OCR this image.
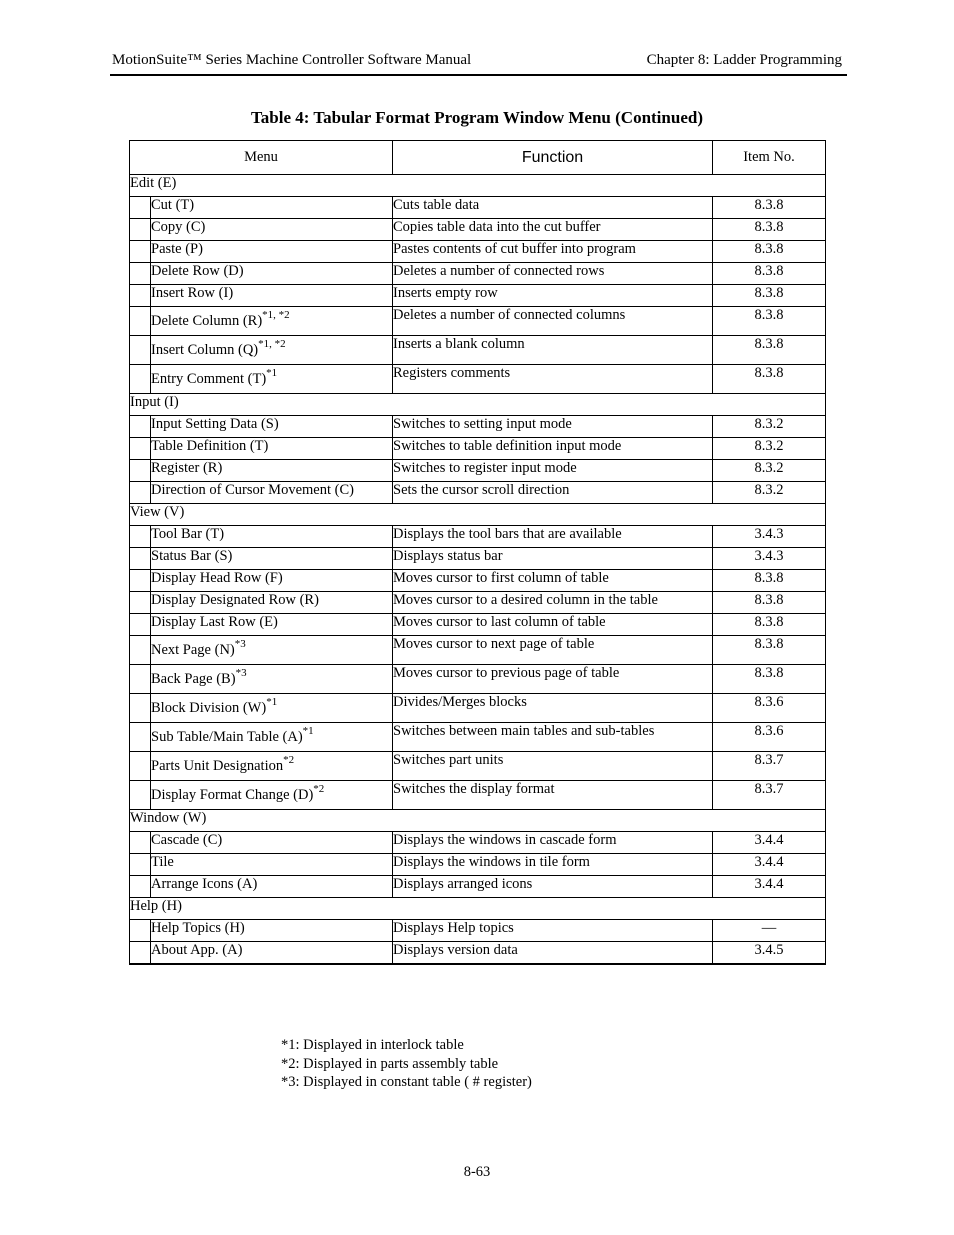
MotionSuite™ Series Machine Controller Software Manual	Chapter 8: Ladder Programming
Table 4: Tabular Format Program Window Menu (Continued)
Menu		Function	Item No.
Edit (E)			
	Cut (T)	Cuts table data	8.3.8
	Copy (C)	Copies table data into the cut buffer	8.3.8
	Paste (P)	Pastes contents of cut buffer into program	8.3.8
	Delete Row (D)	Deletes a number of connected rows	8.3.8
	Insert Row (I)	Inserts empty row	8.3.8
	Delete Column $(R)^{*1, *2}$	Deletes a number of connected columns	8.3.8
	Insert Column $(Q)^{*1, *2}$	Inserts a blank column	8.3.8
	Entry Comment $(T)^{*1}$	Registers comments	8.3.8
Input (I)			
	Input Setting Data (S)	Switches to setting input mode	8.3.2
	Table Definition (T)	Switches to table definition input mode	8.3.2
	Register (R)	Switches to register input mode	8.3.2
	Direction of Cursor Movement (C)	Sets the cursor scroll direction	8.3.2
View (V)			
	Tool Bar (T)	Displays the tool bars that are available	3.4.3
	Status Bar (S)	Displays status bar	3.4.3
	Display Head Row (F)	Moves cursor to first column of table	8.3.8
	Display Designated Row (R)	Moves cursor to a desired column in the table	8.3.8
	Display Last Row (E)	Moves cursor to last column of table	8.3.8
	Next Page $(N)^{*3}$	Moves cursor to next page of table	8.3.8
	Back Page $(B)^{*3}$	Moves cursor to previous page of table	8.3.8
	Block Division $(W)^{*1}$	Divides/Merges blocks	8.3.6
	Sub Table/Main Table $(A)^{*1}$	Switches between main tables and sub-tables	8.3.6
	Parts Unit Designation$^{*2}$	Switches part units	8.3.7
	Display Format Change $(D)^{*2}$	Switches the display format	8.3.7
Window (W)			
	Cascade (C)	Displays the windows in cascade form	3.4.4
	Tile	Displays the windows in tile form	3.4.4
	Arrange Icons (A)	Displays arranged icons	3.4.4
Help (H)			
	Help Topics (H)	Displays Help topics	—
	About App. (A)	Displays version data	3.4.5
*1: Displayed in interlock table
*2: Displayed in parts assembly table
*3: Displayed in constant table ( # register)
8-63
